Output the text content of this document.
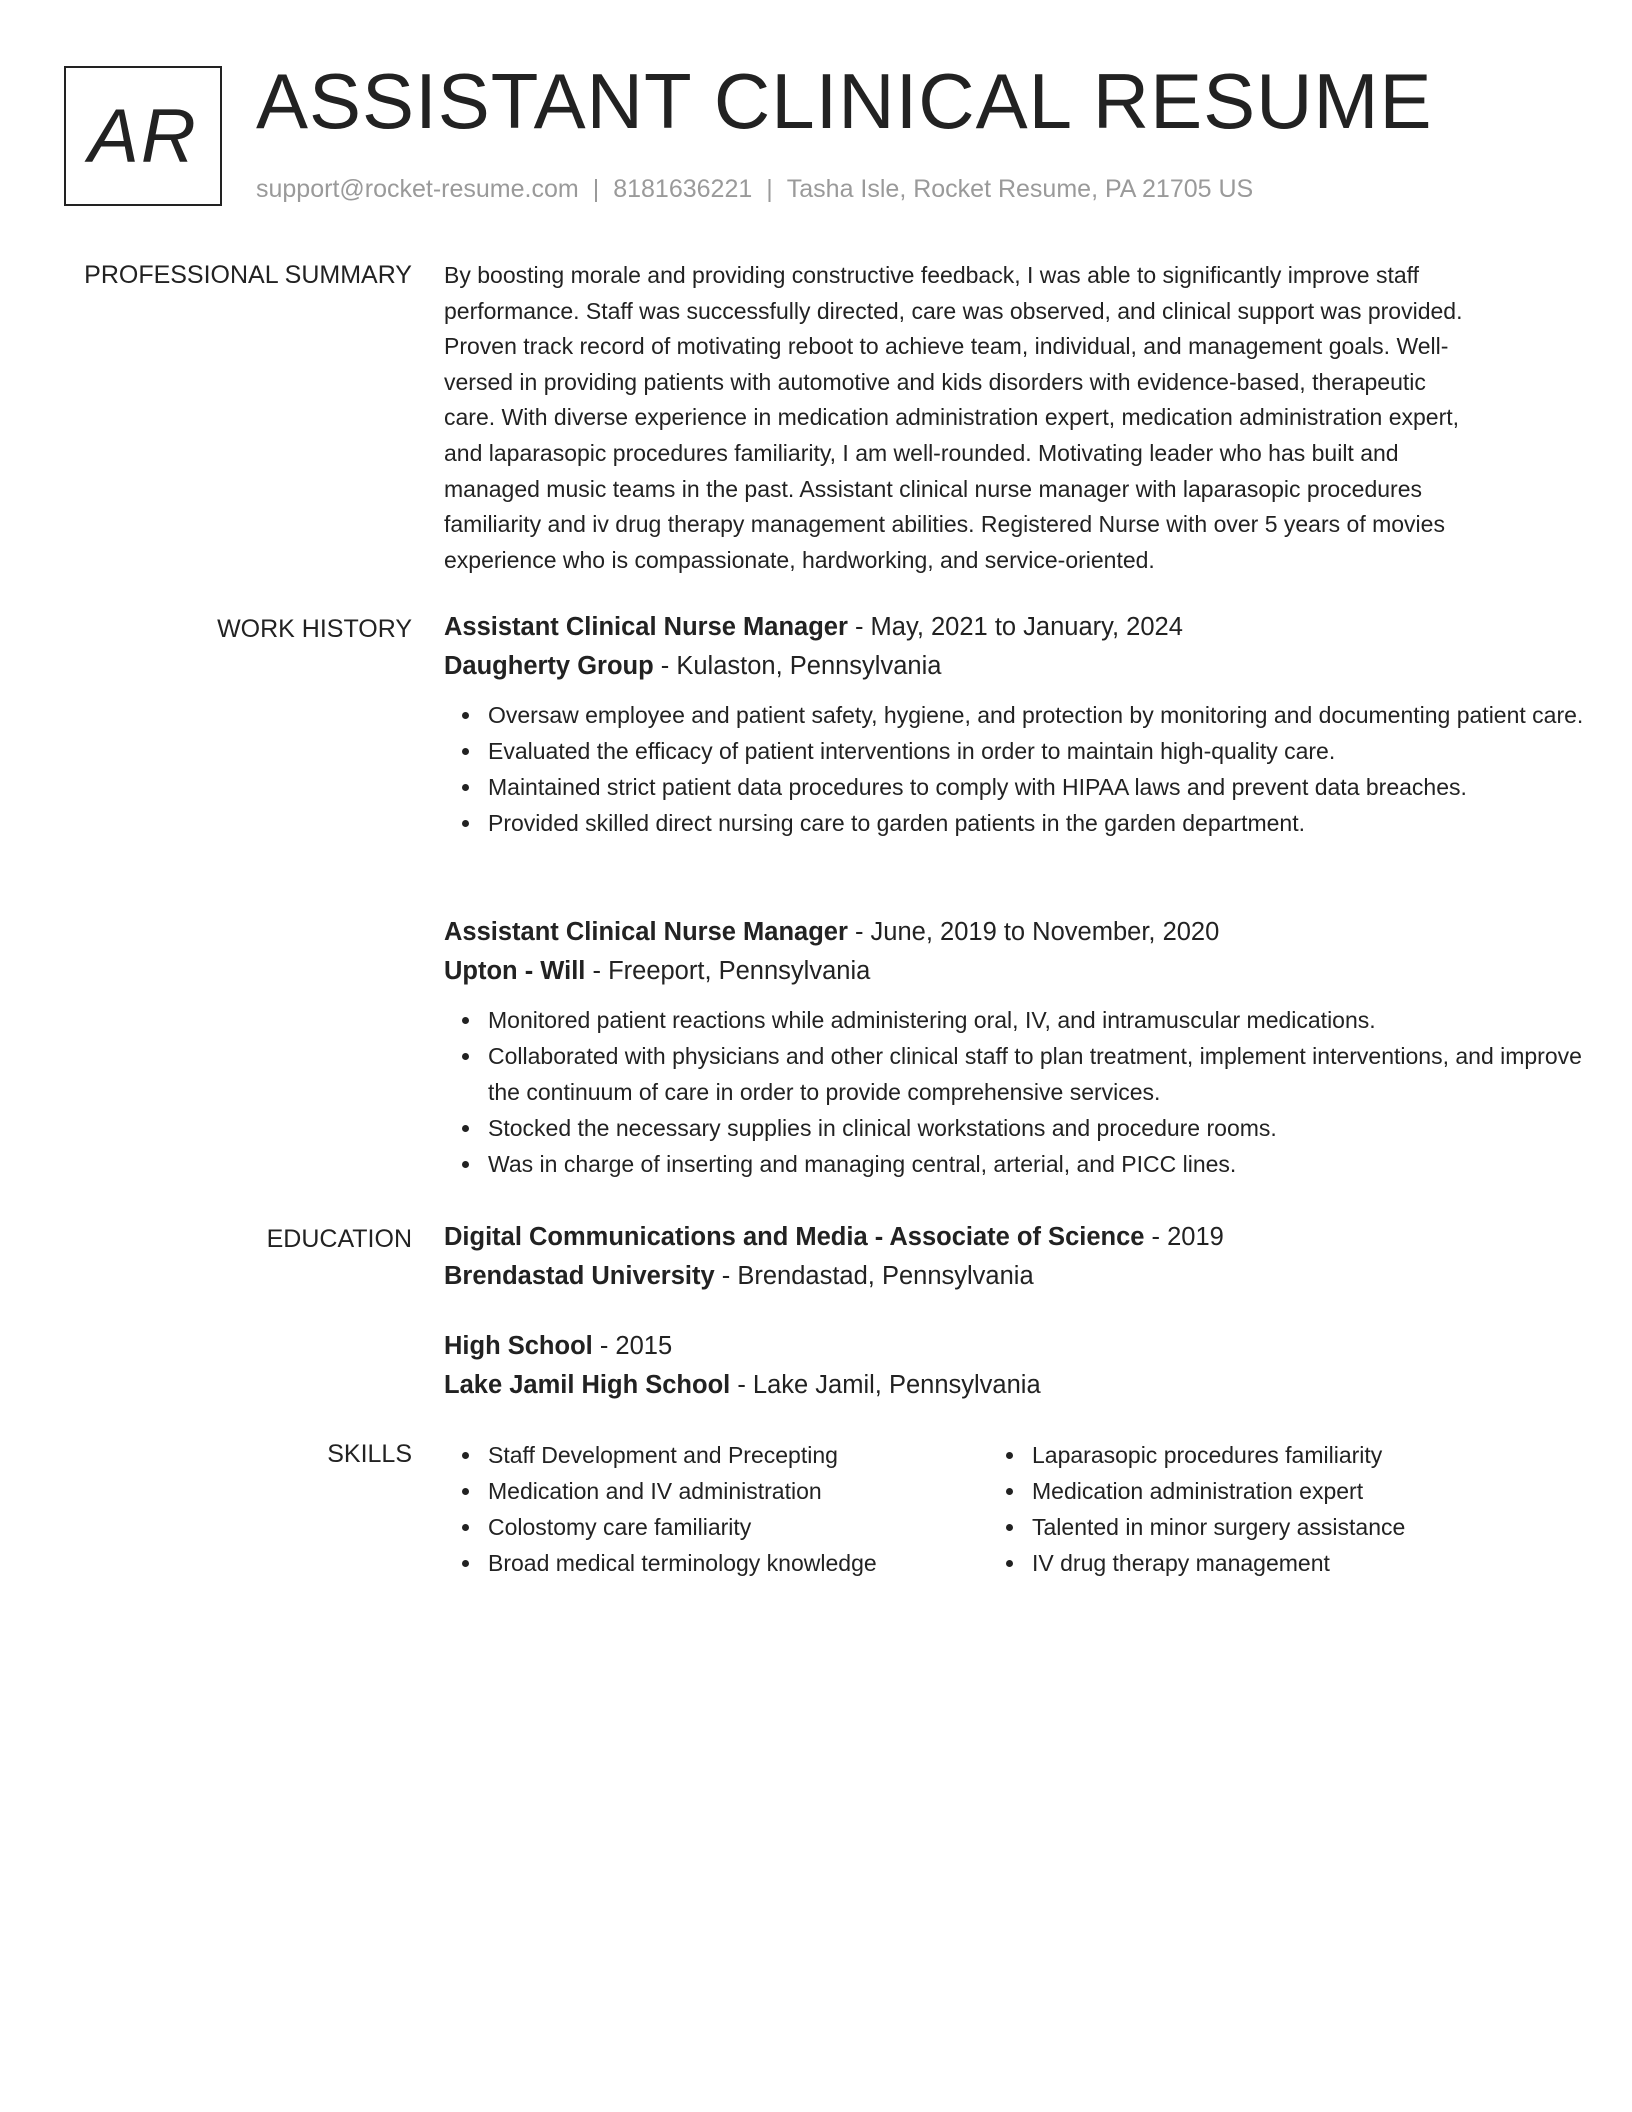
AR ASSISTANT CLINICAL RESUME
support@rocket-resume.com | 8181636221 | Tasha Isle, Rocket Resume, PA 21705 US
PROFESSIONAL SUMMARY By boosting morale and providing constructive feedback, I was able to significantly improve staff
performance. Staff was successfully directed, care was observed, and clinical support was provided.
Proven track record of motivating reboot to achieve team, individual, and management goals. Well-
versed in providing patients with automotive and kids disorders with evidence-based, therapeutic
care. With diverse experience in medication administration expert, medication administration expert,
and laparasopic procedures familiarity, I am well-rounded. Motivating leader who has built and
managed music teams in the past. Assistant clinical nurse manager with laparasopic procedures
familiarity and iv drug therapy management abilities. Registered Nurse with over 5 years of movies
experience who is compassionate, hardworking, and service-oriented.

WORK HISTORY Assistant Clinical Nurse Manager - May, 2021 to January, 2024

Daugherty Group - Kulaston, Pennsylvania

Oversaw employee and patient safety, hygiene, and protection by monitoring and documenting patient care.
Evaluated the efficacy of patient interventions in order to maintain high-quality care.
Maintained strict patient data procedures to comply with HIPAA laws and prevent data breaches.
Provided skilled direct nursing care to garden patients in the garden department.

Assistant Clinical Nurse Manager - June, 2019 to November, 2020

Upton - Will - Freeport, Pennsylvania

Monitored patient reactions while administering oral, IV, and intramuscular medications.
Collaborated with physicians and other clinical staff to plan treatment, implement interventions, and improve the continuum of care in order to provide comprehensive services.
Stocked the necessary supplies in clinical workstations and procedure rooms.
Was in charge of inserting and managing central, arterial, and PICC lines.
EDUCATION Digital Communications and Media - Associate of Science - 2019

Brendastad University - Brendastad, Pennsylvania

High School - 2015

Lake Jamil High School - Lake Jamil, Pennsylvania

SKILLS	Staff Development and Precepting
Medication and IV administration
Colostomy care familiarity
Broad medical terminology knowledge
Laparasopic procedures familiarity
Medication administration expert
Talented in minor surgery assistance
IV drug therapy management
